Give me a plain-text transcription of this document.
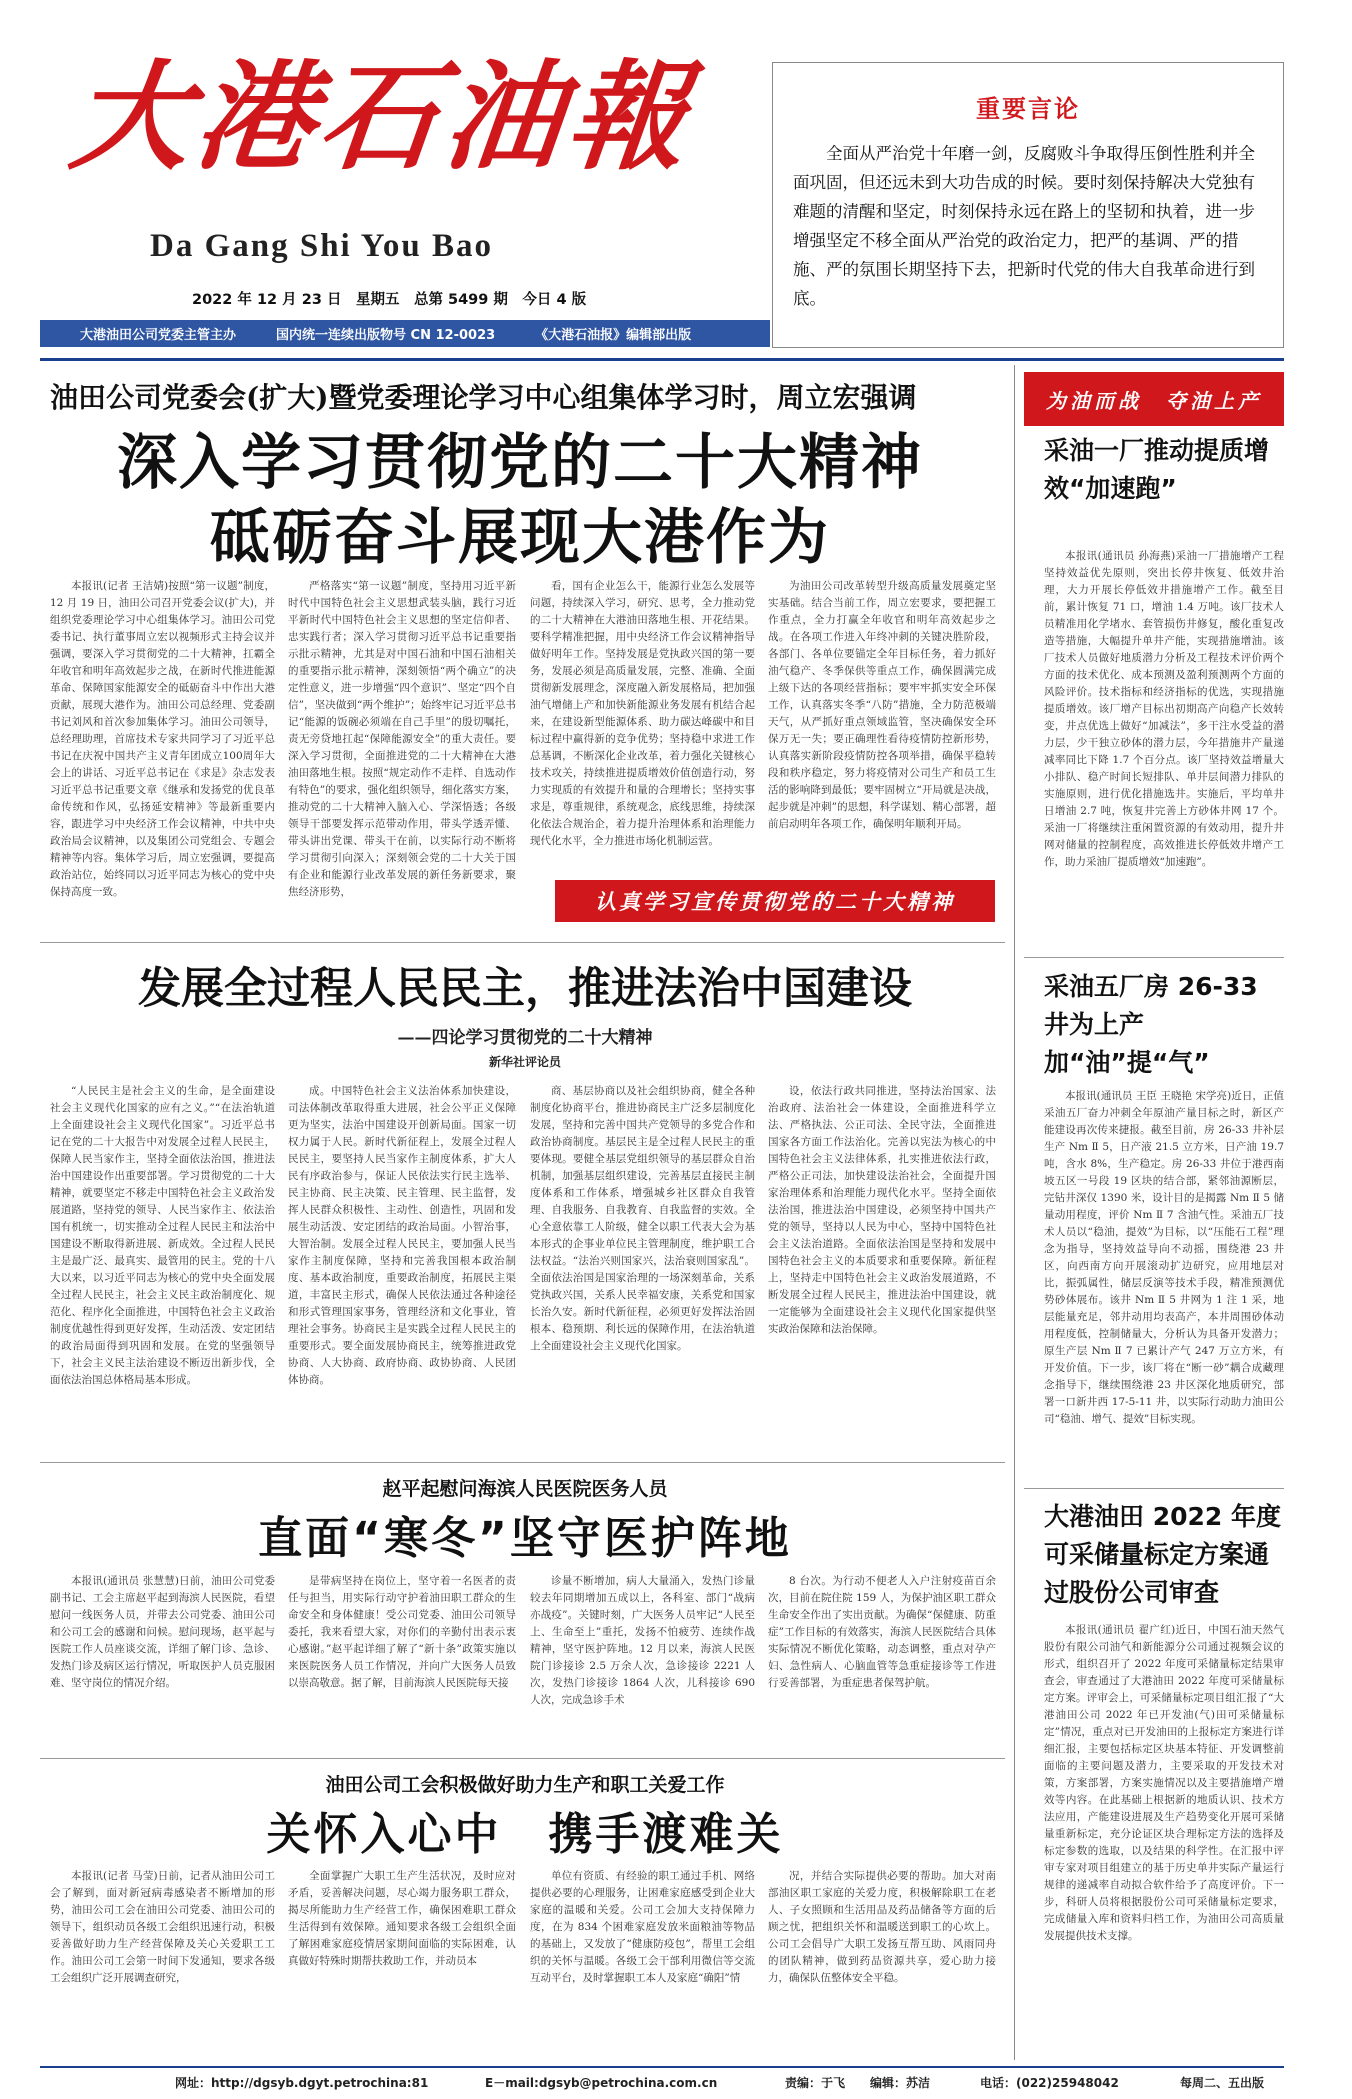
大港石油報
Da Gang Shi You Bao
2022 年 12 月 23 日　星期五　总第 5499 期　今日 4 版
大港油田公司党委主管主办	国内统一连续出版物号 CN 12-0023	《大港石油报》编辑部出版
重要言论
全面从严治党十年磨一剑，反腐败斗争取得压倒性胜利并全面巩固，但还远未到大功告成的时候。要时刻保持解决大党独有难题的清醒和坚定，时刻保持永远在路上的坚韧和执着，进一步增强坚定不移全面从严治党的政治定力，把严的基调、严的措施、严的氛围长期坚持下去，把新时代党的伟大自我革命进行到底。
油田公司党委会(扩大)暨党委理论学习中心组集体学习时，周立宏强调
深入学习贯彻党的二十大精神
砥砺奋斗展现大港作为
本报讯(记者 王洁婧)按照“第一议题”制度，12 月 19 日，油田公司召开党委会议(扩大)，并组织党委理论学习中心组集体学习。油田公司党委书记、执行董事周立宏以视频形式主持会议并强调，要深入学习贯彻党的二十大精神，扛霸全年收官和明年高效起步之战，在新时代推进能源革命、保障国家能源安全的砥砺奋斗中作出大港贡献，展现大港作为。油田公司总经理、党委副书记刘风和首次参加集体学习。油田公司领导，总经理助理，首席技术专家共同学习了习近平总书记在庆祝中国共产主义青年团成立100周年大会上的讲话、习近平总书记在《求是》杂志发表习近平总书记重要文章《继承和发扬党的优良革命传统和作风，弘扬延安精神》等最新重要内容，跟进学习中央经济工作会议精神，中共中央政治局会议精神，以及集团公司党组会、专题会精神等内容。集体学习后，周立宏强调，要提高政治站位，始终同以习近平同志为核心的党中央保持高度一致。
严格落实“第一议题”制度，坚持用习近平新时代中国特色社会主义思想武装头脑，践行习近平新时代中国特色社会主义思想的坚定信仰者、忠实践行者；深入学习贯彻习近平总书记重要指示批示精神，尤其是对中国石油和中国石油相关的重要指示批示精神，深刻领悟“两个确立”的决定性意义，进一步增强“四个意识”、坚定“四个自信”，坚决做到“两个维护”；始终牢记习近平总书记“能源的饭碗必须端在自己手里”的殷切嘱托，责无旁贷地扛起“保障能源安全”的重大责任。要深入学习贯彻，全面推进党的二十大精神在大港油田落地生根。按照“规定动作不走样、自选动作有特色”的要求，强化组织领导，细化落实方案，推动党的二十大精神入脑入心、学深悟透；各级领导干部要发挥示范带动作用，带头学透弄懂、带头讲出党课、带头干在前，以实际行动不断将学习贯彻引向深入；深刻领会党的二十大关于国有企业和能源行业改革发展的新任务新要求，聚焦经济形势，
看，国有企业怎么干，能源行业怎么发展等问题，持续深入学习，研究、思考，全力推动党的二十大精神在大港油田落地生根、开花结果。要科学精准把握，用中央经济工作会议精神指导做好明年工作。坚持发展是党执政兴国的第一要务，发展必须是高质量发展，完整、准确、全面贯彻新发展理念，深度融入新发展格局，把加强油气增储上产和加快新能源业务发展有机结合起来，在建设新型能源体系、助力碳达峰碳中和目标过程中赢得新的竞争优势；坚持稳中求进工作总基调，不断深化企业改革，着力强化关键核心技术攻关，持续推进提质增效价值创造行动，努力实现质的有效提升和量的合理增长；坚持实事求是，尊重规律，系统观念，底线思维，持续深化依法合规治企，着力提升治理体系和治理能力现代化水平，全力推进市场化机制运营。
为油田公司改革转型升级高质量发展奠定坚实基础。结合当前工作，周立宏要求，要把握工作重点，全力打赢全年收官和明年高效起步之战。在各项工作进入年终冲刺的关键决胜阶段，各部门、各单位要锚定全年目标任务，着力抓好油气稳产、冬季保供等重点工作，确保圆满完成上级下达的各项经营指标；要牢牢抓实安全环保工作，认真落实冬季“八防”措施，全力防范极端天气，从严抓好重点领域监管，坚决确保安全环保万无一失；要正确理性看待疫情防控新形势，认真落实新阶段疫情防控各项举措，确保平稳转段和秩序稳定，努力将疫情对公司生产和员工生活的影响降到最低；要牢固树立“开局就是决战，起步就是冲刺”的思想，科学谋划、精心部署，超前启动明年各项工作，确保明年顺利开局。
认真学习宣传贯彻党的二十大精神
发展全过程人民民主，推进法治中国建设
——四论学习贯彻党的二十大精神
新华社评论员
“人民民主是社会主义的生命，是全面建设社会主义现代化国家的应有之义。”“在法治轨道上全面建设社会主义现代化国家”。习近平总书记在党的二十大报告中对发展全过程人民民主，保障人民当家作主，坚持全面依法治国，推进法治中国建设作出重要部署。学习贯彻党的二十大精神，就要坚定不移走中国特色社会主义政治发展道路，坚持党的领导、人民当家作主、依法治国有机统一，切实推动全过程人民民主和法治中国建设不断取得新进展、新成效。全过程人民民主是最广泛、最真实、最管用的民主。党的十八大以来，以习近平同志为核心的党中央全面发展全过程人民民主，社会主义民主政治制度化、规范化、程序化全面推进，中国特色社会主义政治制度优越性得到更好发挥，生动活泼、安定团结的政治局面得到巩固和发展。在党的坚强领导下，社会主义民主法治建设不断迈出新步伐，全面依法治国总体格局基本形成。
成。中国特色社会主义法治体系加快建设，司法体制改革取得重大进展，社会公平正义保障更为坚实，法治中国建设开创新局面。国家一切权力属于人民。新时代新征程上，发展全过程人民民主，要坚持人民当家作主制度体系，扩大人民有序政治参与，保证人民依法实行民主选举、民主协商、民主决策、民主管理、民主监督，发挥人民群众积极性、主动性、创造性，巩固和发展生动活泼、安定团结的政治局面。小智治事，大智治制。发展全过程人民民主，要加强人民当家作主制度保障，坚持和完善我国根本政治制度、基本政治制度，重要政治制度，拓展民主渠道，丰富民主形式，确保人民依法通过各种途径和形式管理国家事务，管理经济和文化事业，管理社会事务。协商民主是实践全过程人民民主的重要形式。要全面发展协商民主，统筹推进政党协商、人大协商、政府协商、政协协商、人民团体协商。
商、基层协商以及社会组织协商，健全各种制度化协商平台，推进协商民主广泛多层制度化发展，坚持和完善中国共产党领导的多党合作和政治协商制度。基层民主是全过程人民民主的重要体现。要健全基层党组织领导的基层群众自治机制，加强基层组织建设，完善基层直接民主制度体系和工作体系，增强城乡社区群众自我管理、自我服务、自我教育、自我监督的实效。全心全意依靠工人阶级，健全以职工代表大会为基本形式的企事业单位民主管理制度，维护职工合法权益。“法治兴则国家兴，法治衰则国家乱”。全面依法治国是国家治理的一场深刻革命，关系党执政兴国，关系人民幸福安康，关系党和国家长治久安。新时代新征程，必须更好发挥法治固根本、稳预期、利长远的保障作用，在法治轨道上全面建设社会主义现代化国家。
设，依法行政共同推进，坚持法治国家、法治政府、法治社会一体建设，全面推进科学立法、严格执法、公正司法、全民守法，全面推进国家各方面工作法治化。完善以宪法为核心的中国特色社会主义法律体系，扎实推进依法行政，严格公正司法，加快建设法治社会，全面提升国家治理体系和治理能力现代化水平。坚持全面依法治国，推进法治中国建设，必须坚持中国共产党的领导，坚持以人民为中心，坚持中国特色社会主义法治道路。全面依法治国是坚持和发展中国特色社会主义的本质要求和重要保障。新征程上，坚持走中国特色社会主义政治发展道路，不断发展全过程人民民主，推进法治中国建设，就一定能够为全面建设社会主义现代化国家提供坚实政治保障和法治保障。
赵平起慰问海滨人民医院医务人员
直面“寒冬”坚守医护阵地
本报讯(通讯员 张慧慧)日前，油田公司党委副书记、工会主席赵平起到海滨人民医院，看望慰问一线医务人员，并带去公司党委、油田公司和公司工会的感谢和问候。慰问现场，赵平起与医院工作人员座谈交流，详细了解门诊、急诊、发热门诊及病区运行情况，听取医护人员克服困难、坚守岗位的情况介绍。
是带病坚持在岗位上，坚守着一名医者的责任与担当，用实际行动守护着油田职工群众的生命安全和身体健康！受公司党委、油田公司领导委托，我来看望大家，对你们的辛勤付出表示衷心感谢。”赵平起详细了解了“新十条”政策实施以来医院医务人员工作情况，并向广大医务人员致以崇高敬意。据了解，目前海滨人民医院每天接
诊量不断增加，病人大量涌入，发热门诊量较去年同期增加五成以上，各科室、部门“战病亦战疫”。关键时刻，广大医务人员牢记“人民至上、生命至上”重托，发扬不怕疲劳、连续作战精神，坚守医护阵地。12 月以来，海滨人民医院门诊接诊 2.5 万余人次，急诊接诊 2221 人次，发热门诊接诊 1864 人次，儿科接诊 690 人次，完成急诊手术
8 台次。为行动不便老人入户注射疫苗百余次，目前在院住院 159 人，为保护油区职工群众生命安全作出了实出贡献。为确保“保健康、防重症”工作目标的有效落实，海滨人民医院结合具体实际情况不断优化策略，动态调整，重点对孕产妇、急性病人、心脑血管等急重症接诊等工作进行妥善部署，为重症患者保驾护航。
油田公司工会积极做好助力生产和职工关爱工作
关怀入心中　携手渡难关
本报讯(记者 马莹)日前，记者从油田公司工会了解到，面对新冠病毒感染者不断增加的形势，油田公司工会在油田公司党委、油田公司的领导下，组织动员各级工会组织迅速行动，积极妥善做好助力生产经营保障及关心关爱职工工作。油田公司工会第一时间下发通知，要求各级工会组织广泛开展调查研究，
全面掌握广大职工生产生活状况，及时应对矛盾，妥善解决问题，尽心竭力服务职工群众，揭尽所能助力生产经营工作，确保困难职工群众生活得到有效保障。通知要求各级工会组织全面了解困难家庭疫情居家期间面临的实际困难，认真做好特殊时期帮扶救助工作，并动员本
单位有资质、有经验的职工通过手机、网络提供必要的心理服务，让困难家庭感受到企业大家庭的温暖和关爱。公司工会加大支持保障力度，在为 834 个困难家庭发放米面粮油等物品的基础上，又发放了“健康防疫包”，帮里工会组织的关怀与温暖。各级工会干部利用微信等交流互动平台，及时掌握职工本人及家庭“确阳”情
况，并结合实际提供必要的帮助。加大对南部油区职工家庭的关爱力度，积极解除职工在老人、子女照顾和生活用品及药品储备等方面的后顾之忧，把组织关怀和温暖送到职工的心坎上。公司工会倡导广大职工发扬互帮互助、风雨同舟的团队精神，做到药品资源共享，爱心助力接力，确保队伍整体安全平稳。
为油而战　夺油上产
采油一厂推动提质增效“加速跑”
本报讯(通讯员 孙海燕)采油一厂措施增产工程坚持效益优先原则，突出长停井恢复、低效井治理，大力开展长停低效井措施增产工作。截至目前，累计恢复 71 口，增油 1.4 万吨。该厂技术人员精准用化学堵水、套管损伤井修复，酸化重复改造等措施，大幅提升单井产能，实现措施增油。该厂技术人员做好地质潜力分析及工程技术评价两个方面的技术优化、成本预测及盈利预测两个方面的风险评价。技术指标和经济指标的优选，实现措施提质增效。该厂增产目标出初期高产向稳产长效转变，井点优选上做好“加减法”，多干注水受益的潜力层，少干独立砂体的潜力层，今年措施井产量递减率同比下降 1.7 个百分点。该厂坚持效益增量大小排队、稳产时间长短排队、单井层间潜力排队的实施原则，进行优化措施选井。实施后，平均单井日增油 2.7 吨，恢复井完善上方砂体井网 17 个。采油一厂将继续注重闲置资源的有效动用，提升井网对储量的控制程度，高效推进长停低效井增产工作，助力采油厂提质增效“加速跑”。
采油五厂房 26-33 井为上产加“油”提“气”
本报讯(通讯员 王臣 王晓艳 宋学亮)近日，正值采油五厂奋力冲刺全年原油产量目标之时，新区产能建设再次传来捷报。截至目前，房 26-33 井补层生产 Nm Ⅱ 5，日产液 21.5 立方米，日产油 19.7 吨，含水 8%，生产稳定。房 26-33 井位于港西南坡五区一号段 19 区块的结合部，紧邻油源断层，完钻井深仅 1390 米，设计目的是揭露 Nm Ⅱ 5 储量动用程度，评价 Nm Ⅱ 7 含油气性。采油五厂技术人员以“稳油，提效”为目标，以“压能石工程”理念为指导，坚持效益导向不动摇，围绕港 23 井区，向西南方向开展滚动扩边研究，应用地层对比，振弧属性，储层反演等技术手段，精准预测优势砂体展布。该井 Nm Ⅱ 5 井网为 1 注 1 采，地层能量充足，邻井动用均表高产，本井周围砂体动用程度低，控制储量大，分析认为具备开发潜力；原生产层 Nm Ⅱ 7 已累计产气 247 万立方米，有开发价值。下一步，该厂将在“断一砂”耦合成藏理念指导下，继续围绕港 23 井区深化地质研究，部署一口新井西 17-5-11 井，以实际行动助力油田公司“稳油、增气、提效”目标实现。
大港油田 2022 年度可采储量标定方案通过股份公司审查
本报讯(通讯员 翟广红)近日，中国石油天然气股份有限公司油气和新能源分公司通过视频会议的形式，组织召开了 2022 年度可采储量标定结果审查会，审查通过了大港油田 2022 年度可采储量标定方案。评审会上，可采储量标定项目组汇报了“大港油田公司 2022 年已开发油(气)田可采储量标定”情况，重点对已开发油田的上报标定方案进行详细汇报，主要包括标定区块基本特征、开发调整前面临的主要问题及潜力，主要采取的开发技术对策，方案部署，方案实施情况以及主要措施增产增效等内容。在此基础上根据新的地质认识、技术方法应用，产能建设进展及生产趋势变化开展可采储量重新标定，充分论证区块合理标定方法的选择及标定参数的选取，以及结果的科学性。在汇报中评审专家对项目组建立的基于历史单井实际产量运行规律的递减率自动拟合软件给予了高度评价。下一步，科研人员将根据股份公司可采储量标定要求，完成储量入库和资料归档工作，为油田公司高质量发展提供技术支撑。
网址：http://dgsyb.dgyt.petrochina:81	E－mail:dgsyb@petrochina.com.cn	责编：于飞	编辑：苏洁	电话：(022)25948042	每周二、五出版
